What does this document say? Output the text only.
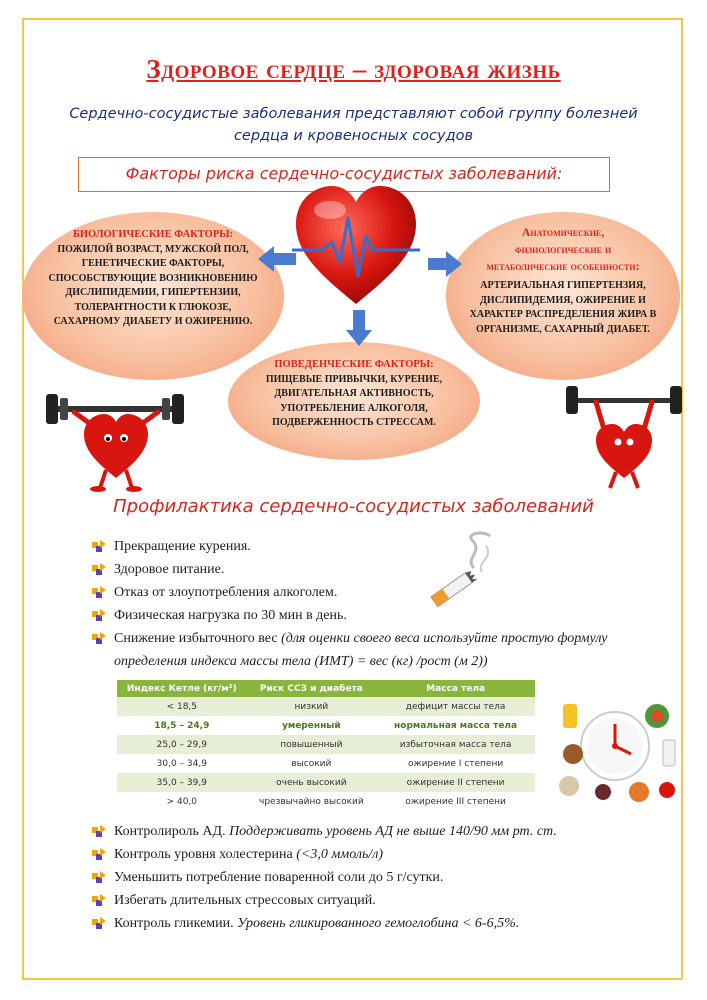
Здоровое сердце – здоровая жизнь
Сердечно-сосудистые заболевания представляют собой группу болезней
сердца и кровеносных сосудов
Факторы риска сердечно-сосудистых заболеваний:
БИОЛОГИЧЕСКИЕ ФАКТОРЫ:
ПОЖИЛОЙ ВОЗРАСТ, МУЖСКОЙ ПОЛ, ГЕНЕТИЧЕСКИЕ ФАКТОРЫ, СПОСОБСТВУЮЩИЕ ВОЗНИКНОВЕНИЮ ДИСЛИПИДЕМИИ, ГИПЕРТЕНЗИИ, ТОЛЕРАНТНОСТИ К ГЛЮКОЗЕ, САХАРНОМУ ДИАБЕТУ И ОЖИРЕНИЮ.
Анатомические, физиологические и метаболические особенности:
АРТЕРИАЛЬНАЯ ГИПЕРТЕНЗИЯ, ДИСЛИПИДЕМИЯ, ОЖИРЕНИЕ И ХАРАКТЕР РАСПРЕДЕЛЕНИЯ ЖИРА В ОРГАНИЗМЕ, САХАРНЫЙ ДИАБЕТ.
ПОВЕДЕНЧЕСКИЕ ФАКТОРЫ:
ПИЩЕВЫЕ ПРИВЫЧКИ, КУРЕНИЕ, ДВИГАТЕЛЬНАЯ АКТИВНОСТЬ, УПОТРЕБЛЕНИЕ АЛКОГОЛЯ, ПОДВЕРЖЕННОСТЬ СТРЕССАМ.
Профилактика сердечно-сосудистых заболеваний
Прекращение курения.
Здоровое питание.
Отказ от злоупотребления алкоголем.
Физическая нагрузка по 30 мин в день.
Снижение избыточного вес (для оценки своего веса используйте простую формулу определения индекса массы тела (ИМТ) = вес (кг) /рост (м 2))
Индекс Кетле (кг/м²)	Риск ССЗ и диабета	Масса тела
< 18,5	низкий	дефицит массы тела
18,5 – 24,9	умеренный	нормальная масса тела
25,0 – 29,9	повышенный	избыточная масса тела
30,0 – 34,9	высокий	ожирение I степени
35,0 – 39,9	очень высокий	ожирение II степени
> 40,0	чрезвычайно высокий	ожирение III степени
Контролироль АД. Поддерживать уровень АД не выше 140/90 мм рт. ст.
Контроль уровня холестерина (<3,0 ммоль/л)
Уменьшить потребление поваренной соли до 5 г/сутки.
Избегать длительных стрессовых ситуаций.
Контроль гликемии. Уровень гликированного гемоглобина < 6-6,5%.
